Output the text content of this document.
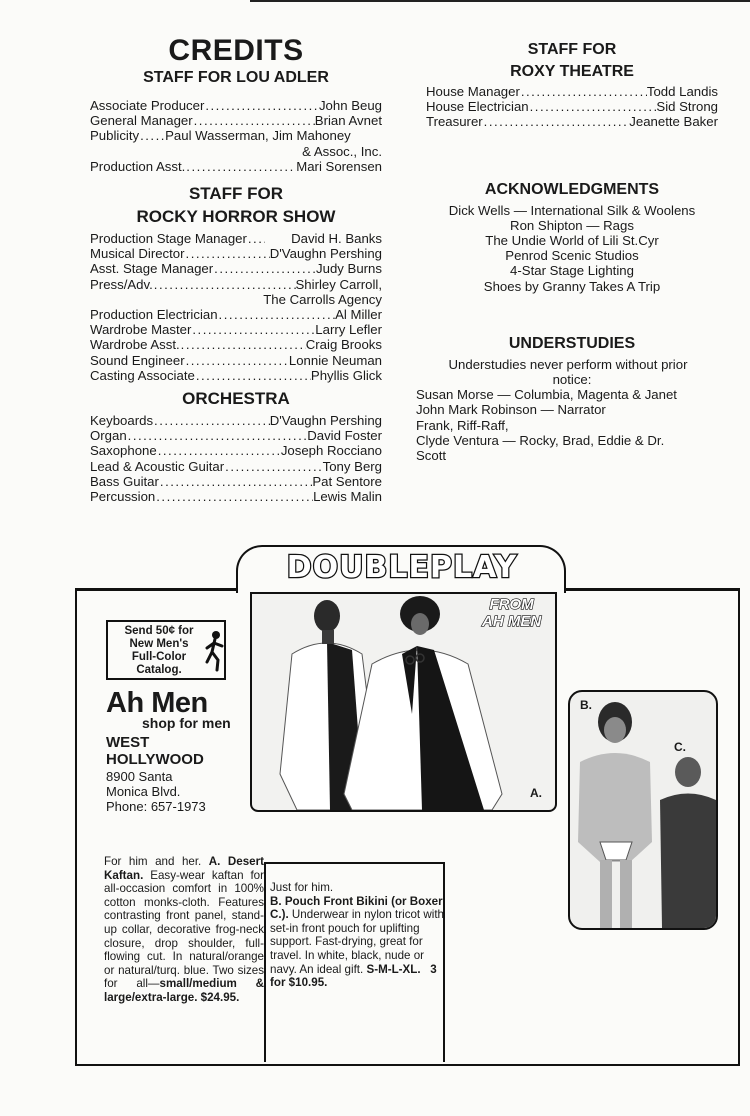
CREDITS
STAFF FOR LOU ADLER
Associate Producer .....	John Beug
General Manager .....	Brian Avnet
Publicity ..... Paul Wasserman, Jim Mahoney
& Assoc., Inc.
Production Asst. .....	Mari Sorensen
STAFF FOR
ROCKY HORROR SHOW
Production Stage Manager .....	David H. Banks
Musical Director .....	D'Vaughn Pershing
Asst. Stage Manager .....	Judy Burns
Press/Adv. .....	Shirley Carroll,
The Carrolls Agency
Production Electrician .....	Al Miller
Wardrobe Master .....	Larry Lefler
Wardrobe Asst. .....	Craig Brooks
Sound Engineer .....	Lonnie Neuman
Casting Associate .....	Phyllis Glick
ORCHESTRA
Keyboards .....	D'Vaughn Pershing
Organ .....	David Foster
Saxophone .....	Joseph Rocciano
Lead & Acoustic Guitar .....	Tony Berg
Bass Guitar .....	Pat Sentore
Percussion .....	Lewis Malin
STAFF FOR
ROXY THEATRE
House Manager .....	Todd Landis
House Electrician .....	Sid Strong
Treasurer .....	Jeanette Baker
ACKNOWLEDGMENTS
Dick Wells — International Silk & Woolens
Ron Shipton — Rags
The Undie World of Lili St.Cyr
Penrod Scenic Studios
4-Star Stage Lighting
Shoes by Granny Takes A Trip
UNDERSTUDIES
Understudies never perform without prior
notice:
Susan Morse — Columbia, Magenta & Janet
John Mark Robinson — Narrator
Frank, Riff-Raff,
Clyde Ventura — Rocky, Brad, Eddie & Dr.
Scott
DOUBLEPLAY
Send 50¢ for
New Men's
Full-Color
Catalog.
Ah Men
shop for men
WEST
HOLLYWOOD
8900 Santa
Monica Blvd.
Phone: 657-1973
A.
FROM
AH MEN
B.
C.
For him and her. A. Desert Kaftan. Easy-wear kaftan for all-occasion comfort in 100% cotton monks-cloth. Features contrasting front panel, stand-up collar, decorative frog-neck closure, drop shoulder, full-flowing cut. In natural/orange or natural/turq. blue. Two sizes for all—small/medium & large/extra-large. $24.95.
Just for him.
B. Pouch Front Bikini (or Boxer C.). Underwear in nylon tricot with set-in front pouch for uplifting support. Fast-drying, great for travel. In white, black, nude or navy. An ideal gift. S-M-L-XL. 3 for $10.95.
